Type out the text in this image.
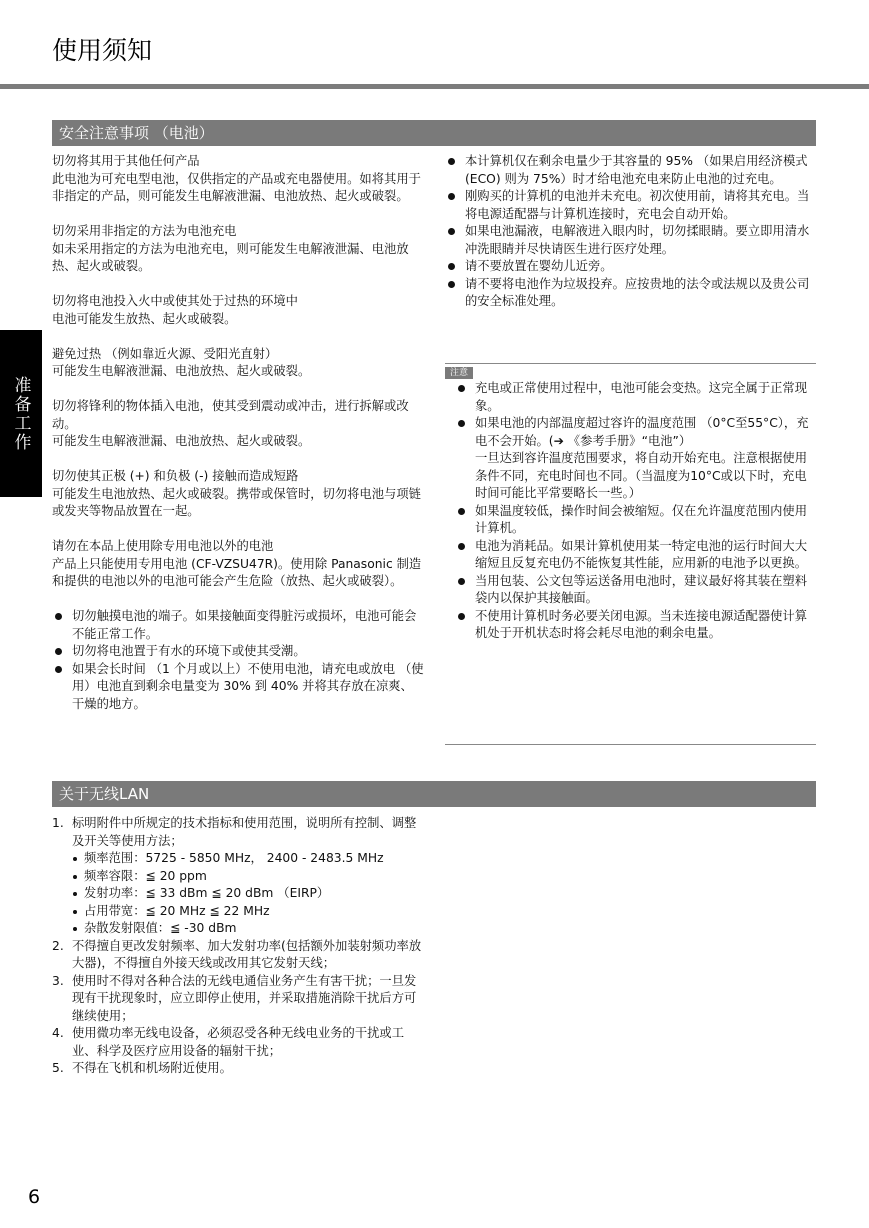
使用须知
准备工作
安全注意事项 （电池）

切勿将其用于其他任何产品

此电池为可充电型电池，仅供指定的产品或充电器使用。如将其用于非指定的产品，则可能发生电解液泄漏、电池放热、起火或破裂。

切勿采用非指定的方法为电池充电

如未采用指定的方法为电池充电，则可能发生电解液泄漏、电池放热、起火或破裂。

切勿将电池投入火中或使其处于过热的环境中

电池可能发生放热、起火或破裂。

避免过热 （例如靠近火源、受阳光直射）

可能发生电解液泄漏、电池放热、起火或破裂。

切勿将锋利的物体插入电池，使其受到震动或冲击，进行拆解或改动。

可能发生电解液泄漏、电池放热、起火或破裂。

切勿使其正极 (+) 和负极 (-) 接触而造成短路

可能发生电池放热、起火或破裂。携带或保管时，切勿将电池与项链或发夹等物品放置在一起。

请勿在本品上使用除专用电池以外的电池

产品上只能使用专用电池 (CF-VZSU47R)。使用除 Panasonic 制造和提供的电池以外的电池可能会产生危险（放热、起火或破裂）。

切勿触摸电池的端子。如果接触面变得脏污或损坏，电池可能会不能正常工作。
切勿将电池置于有水的环境下或使其受潮。
如果会长时间 （1 个月或以上）不使用电池，请充电或放电 （使用）电池直到剩余电量变为 30% 到 40% 并将其存放在凉爽、干燥的地方。
本计算机仅在剩余电量少于其容量的 95% （如果启用经济模式 (ECO) 则为 75%）时才给电池充电来防止电池的过充电。
刚购买的计算机的电池并未充电。初次使用前，请将其充电。当将电源适配器与计算机连接时，充电会自动开始。
如果电池漏液，电解液进入眼内时，切勿揉眼睛。要立即用清水冲洗眼睛并尽快请医生进行医疗处理。
请不要放置在婴幼儿近旁。
请不要将电池作为垃圾投弃。应按贵地的法令或法规以及贵公司的安全标准处理。
注意
充电或正常使用过程中，电池可能会变热。这完全属于正常现象。
如果电池的内部温度超过容许的温度范围 （0°C至55°C），充电不会开始。(➔ 《参考手册》“电池”）

一旦达到容许温度范围要求，将自动开始充电。注意根据使用条件不同，充电时间也不同。（当温度为10°C或以下时，充电时间可能比平常要略长一些。）

如果温度较低，操作时间会被缩短。仅在允许温度范围内使用计算机。
电池为消耗品。如果计算机使用某一特定电池的运行时间大大缩短且反复充电仍不能恢复其性能，应用新的电池予以更换。
当用包装、公文包等运送备用电池时，建议最好将其装在塑料袋内以保护其接触面。
不使用计算机时务必要关闭电源。当未连接电源适配器使计算机处于开机状态时将会耗尽电池的剩余电量。
关于无线LAN
1. 标明附件中所规定的技术指标和使用范围，说明所有控制、调整及开关等使用方法；
频率范围：5725 - 5850 MHz， 2400 - 2483.5 MHz
频率容限：≦ 20 ppm
发射功率：≦ 33 dBm ≦ 20 dBm （EIRP）
占用带宽：≦ 20 MHz ≦ 22 MHz
杂散发射限值：≦ -30 dBm
2. 不得擅自更改发射频率、加大发射功率(包括额外加装射频功率放大器)，不得擅自外接天线或改用其它发射天线；
3. 使用时不得对各种合法的无线电通信业务产生有害干扰；一旦发现有干扰现象时，应立即停止使用，并采取措施消除干扰后方可继续使用；
4. 使用微功率无线电设备，必须忍受各种无线电业务的干扰或工业、科学及医疗应用设备的辐射干扰；
5. 不得在飞机和机场附近使用。
6
